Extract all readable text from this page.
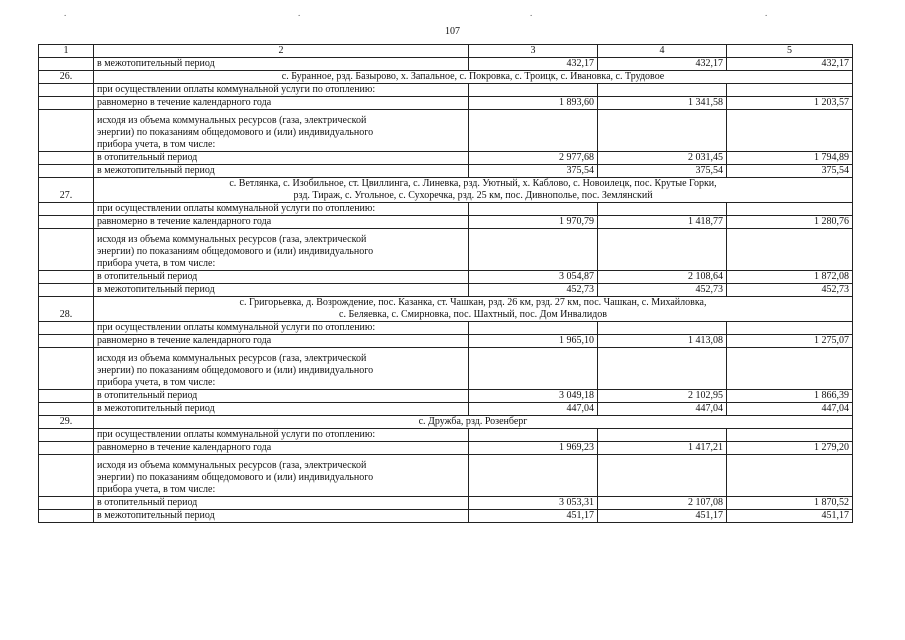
.	.	.	.
107
1	2	3	4	5
	в межотопительный период	432,17	432,17	432,17
26.	с. Буранное, рзд. Базырово, х. Запальное, с. Покровка, с. Троицк, с. Ивановка, с. Трудовое			

	при осуществлении оплаты коммунальной услуги по отоплению:			
	равномерно в течение календарного года	1 893,60	1 341,58	1 203,57

	исходя из объема коммунальных ресурсов (газа, электрической
энергии) по показаниям общедомового и (или) индивидуального
прибора учета, в том числе:			

	в отопительный период	2 977,68	2 031,45	1 794,89
	в межотопительный период	375,54	375,54	375,54
27.	с. Ветлянка, с. Изобильное, ст. Цвиллинга, с. Линевка, рзд. Уютный, х. Каблово, с. Новоилецк, пос. Крутые Горки,
рзд. Тираж, с. Угольное, с. Сухоречка, рзд. 25 км, пос. Дивнополье, пос. Землянский			

	при осуществлении оплаты коммунальной услуги по отоплению:			
	равномерно в течение календарного года	1 970,79	1 418,77	1 280,76

	исходя из объема коммунальных ресурсов (газа, электрической
энергии) по показаниям общедомового и (или) индивидуального
прибора учета, в том числе:			

	в отопительный период	3 054,87	2 108,64	1 872,08
	в межотопительный период	452,73	452,73	452,73
28.	с. Григорьевка, д. Возрождение, пос. Казанка, ст. Чашкан, рзд. 26 км, рзд. 27 км, пос. Чашкан, с. Михайловка,
с. Беляевка, с. Смирновка, пос. Шахтный, пос. Дом Инвалидов			

	при осуществлении оплаты коммунальной услуги по отоплению:			
	равномерно в течение календарного года	1 965,10	1 413,08	1 275,07

	исходя из объема коммунальных ресурсов (газа, электрической
энергии) по показаниям общедомового и (или) индивидуального
прибора учета, в том числе:			

	в отопительный период	3 049,18	2 102,95	1 866,39
	в межотопительный период	447,04	447,04	447,04
29.	с. Дружба, рзд. Розенберг			

	при осуществлении оплаты коммунальной услуги по отоплению:			
	равномерно в течение календарного года	1 969,23	1 417,21	1 279,20

	исходя из объема коммунальных ресурсов (газа, электрической
энергии) по показаниям общедомового и (или) индивидуального
прибора учета, в том числе:			

	в отопительный период	3 053,31	2 107,08	1 870,52
	в межотопительный период	451,17	451,17	451,17
